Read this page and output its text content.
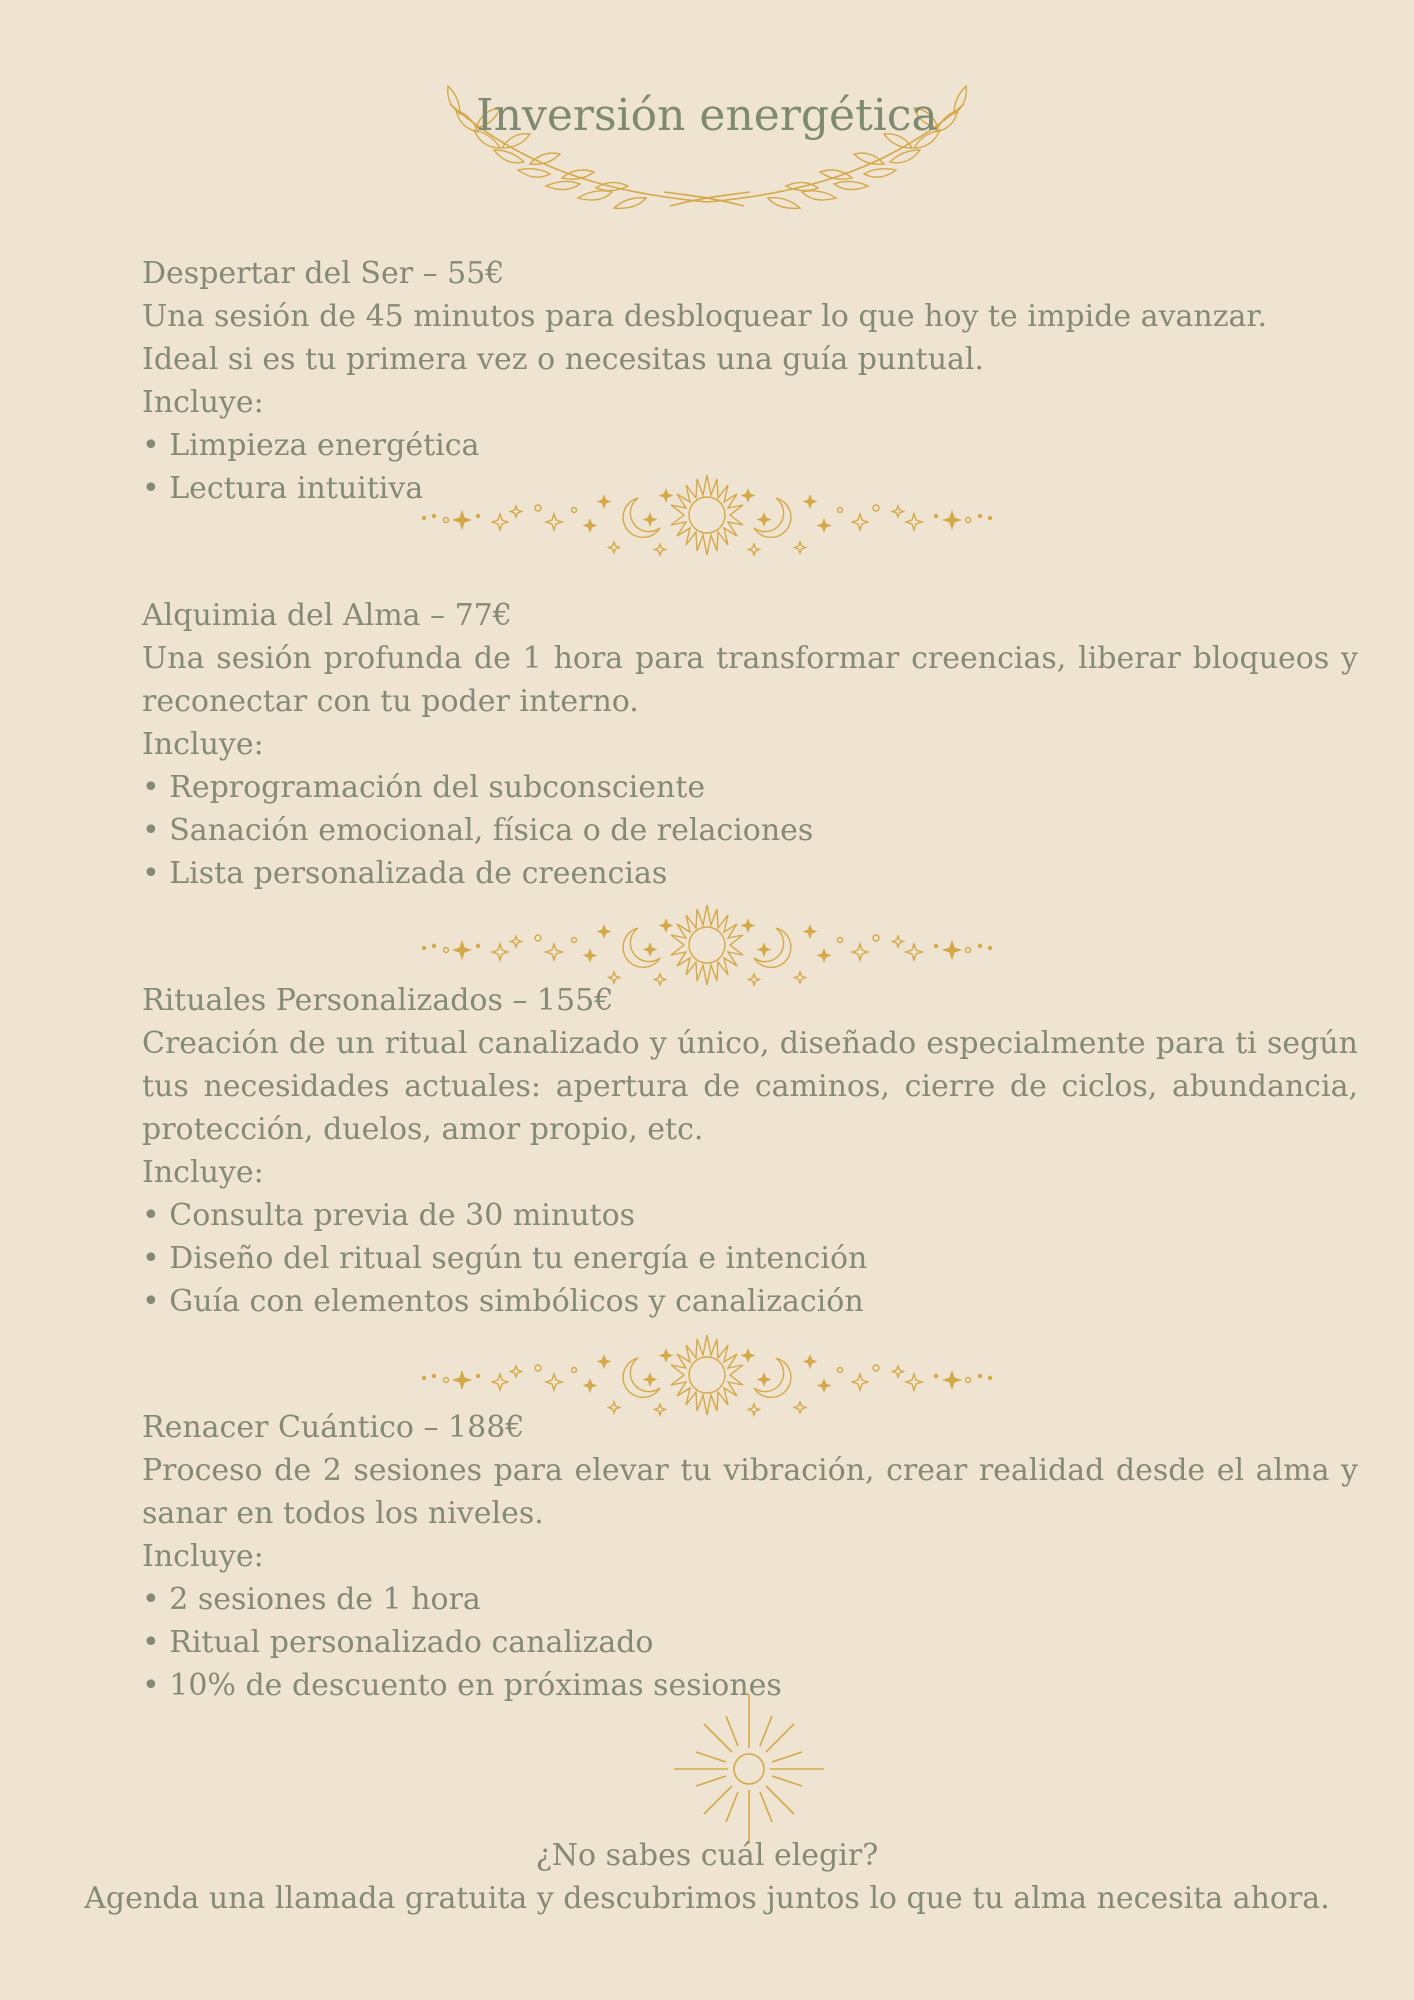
Inversión energética

Despertar del Ser – 55€

Una sesión de 45 minutos para desbloquear lo que hoy te impide avanzar.

Ideal si es tu primera vez o necesitas una guía puntual.

Incluye:

• Limpieza energética
• Lectura intuitiva

Alquimia del Alma – 77€

Una sesión profunda de 1 hora para transformar creencias, liberar bloqueos y reconectar con tu poder interno.

Incluye:

• Reprogramación del subconsciente
• Sanación emocional, física o de relaciones
• Lista personalizada de creencias

Rituales Personalizados – 155€

Creación de un ritual canalizado y único, diseñado especialmente para ti según tus necesidades actuales: apertura de caminos, cierre de ciclos, abundancia, protección, duelos, amor propio, etc.

Incluye:

• Consulta previa de 30 minutos
• Diseño del ritual según tu energía e intención
• Guía con elementos simbólicos y canalización

Renacer Cuántico – 188€

Proceso de 2 sesiones para elevar tu vibración, crear realidad desde el alma y sanar en todos los niveles.

Incluye:

• 2 sesiones de 1 hora
• Ritual personalizado canalizado
• 10% de descuento en próximas sesiones
¿No sabes cuál elegir?
Agenda una llamada gratuita y descubrimos juntos lo que tu alma necesita ahora.
